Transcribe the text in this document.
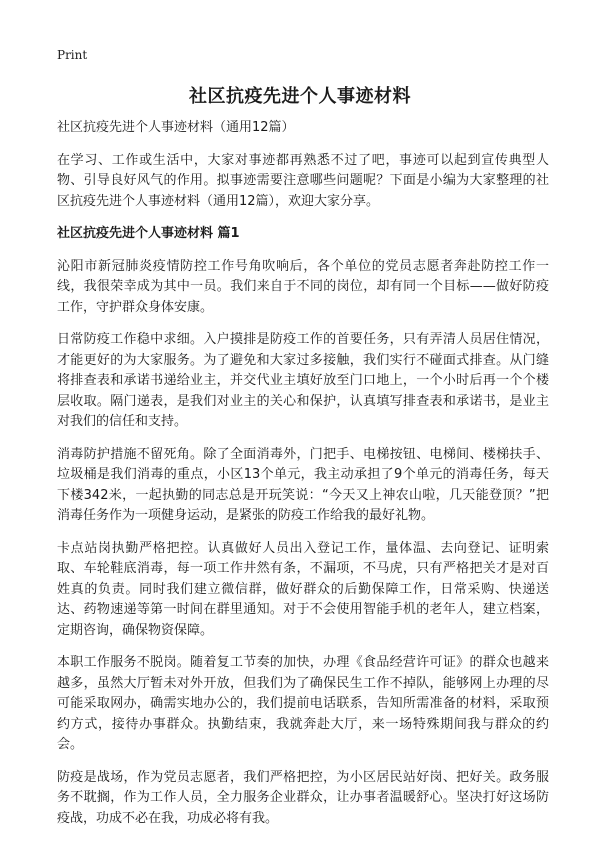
Print
社区抗疫先进个人事迹材料

社区抗疫先进个人事迹材料（通用12篇）

在学习、工作或生活中，大家对事迹都再熟悉不过了吧，事迹可以起到宣传典型人物、引导良好风气的作用。拟事迹需要注意哪些问题呢？下面是小编为大家整理的社区抗疫先进个人事迹材料（通用12篇），欢迎大家分享。

社区抗疫先进个人事迹材料 篇1

沁阳市新冠肺炎疫情防控工作号角吹响后，各个单位的党员志愿者奔赴防控工作一线，我很荣幸成为其中一员。我们来自于不同的岗位，却有同一个目标——做好防疫工作，守护群众身体安康。

日常防疫工作稳中求细。入户摸排是防疫工作的首要任务，只有弄清人员居住情况，才能更好的为大家服务。为了避免和大家过多接触，我们实行不碰面式排查。从门缝将排查表和承诺书递给业主，并交代业主填好放至门口地上，一个小时后再一个个楼层收取。隔门递表，是我们对业主的关心和保护，认真填写排查表和承诺书，是业主对我们的信任和支持。

消毒防护措施不留死角。除了全面消毒外，门把手、电梯按钮、电梯间、楼梯扶手、垃圾桶是我们消毒的重点，小区13个单元，我主动承担了9个单元的消毒任务，每天下楼342米，一起执勤的同志总是开玩笑说：“今天又上神农山啦，几天能登顶？”把消毒任务作为一项健身运动，是紧张的防疫工作给我的最好礼物。

卡点站岗执勤严格把控。认真做好人员出入登记工作，量体温、去向登记、证明索取、车轮鞋底消毒，每一项工作井然有条，不漏项，不马虎，只有严格把关才是对百姓真的负责。同时我们建立微信群，做好群众的后勤保障工作，日常采购、快递送达、药物速递等第一时间在群里通知。对于不会使用智能手机的老年人，建立档案，定期咨询，确保物资保障。

本职工作服务不脱岗。随着复工节奏的加快，办理《食品经营许可证》的群众也越来越多，虽然大厅暂未对外开放，但我们为了确保民生工作不掉队，能够网上办理的尽可能采取网办，确需实地办公的，我们提前电话联系，告知所需准备的材料，采取预约方式，接待办事群众。执勤结束，我就奔赴大厅，来一场特殊期间我与群众的约会。

防疫是战场，作为党员志愿者，我们严格把控，为小区居民站好岗、把好关。政务服务不耽搁，作为工作人员，全力服务企业群众，让办事者温暖舒心。坚决打好这场防疫战，功成不必在我，功成必将有我。
